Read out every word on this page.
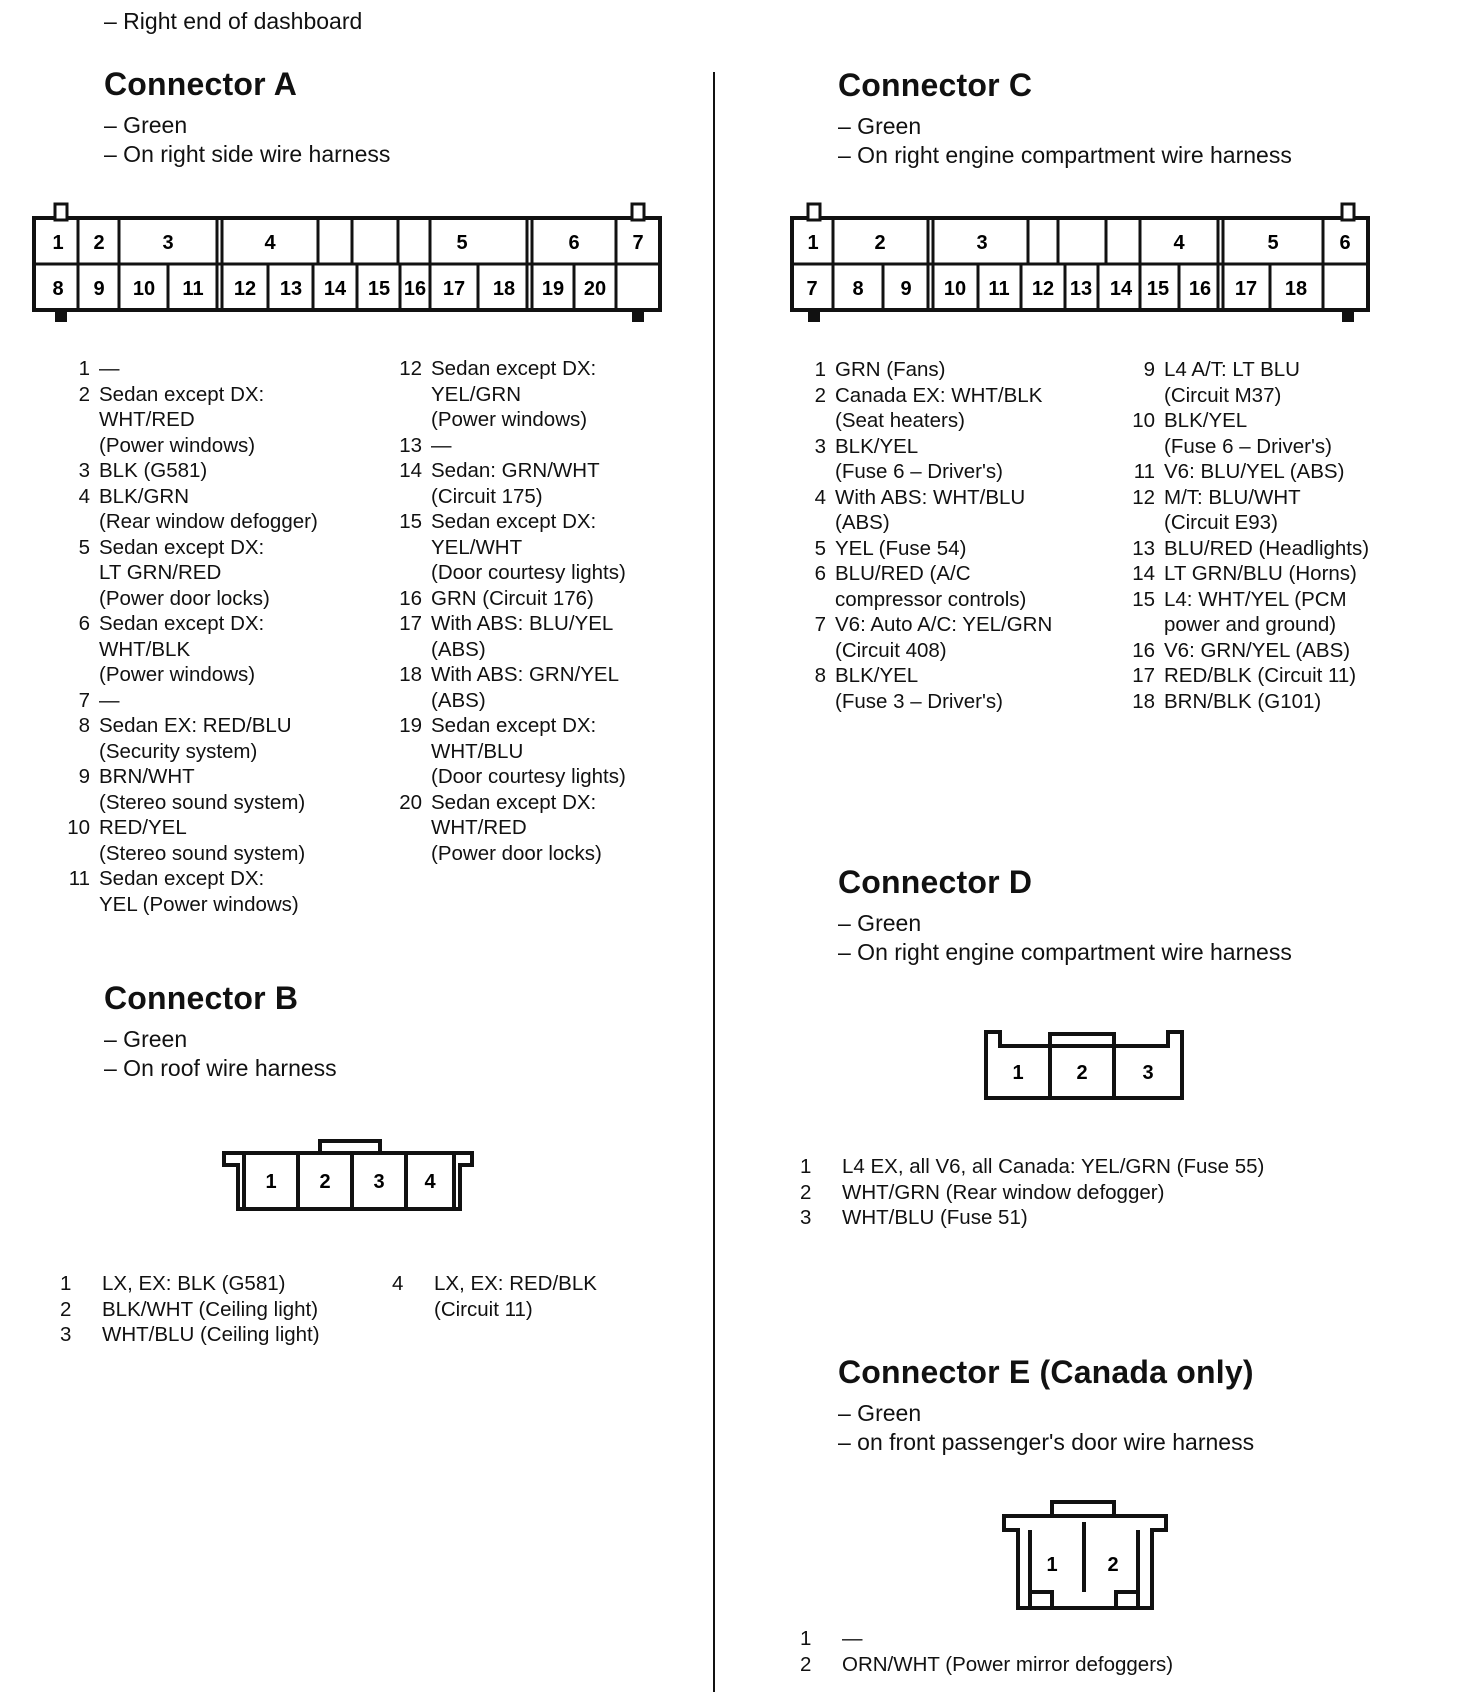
– Right end of dashboard
Connector A
– Green
– On right side wire harness
1 2	3	4	5	6	7
8 9 10 11 12 13 14 15 16 17 18 19 20
1 —
2 Sedan except DX:
WHT/RED
(Power windows)
3 BLK (G581)
4 BLK/GRN
(Rear window defogger)
5 Sedan except DX:
LT GRN/RED
(Power door locks)
6 Sedan except DX:
WHT/BLK
(Power windows)
7 —
8 Sedan EX: RED/BLU
(Security system)
9 BRN/WHT
(Stereo sound system)
10 RED/YEL
(Stereo sound system)
11 Sedan except DX:
YEL (Power windows)
12 Sedan except DX:
YEL/GRN
(Power windows)
13 —
14 Sedan: GRN/WHT
(Circuit 175)
15 Sedan except DX:
YEL/WHT
(Door courtesy lights)
16 GRN (Circuit 176)
17 With ABS: BLU/YEL
(ABS)
18 With ABS: GRN/YEL
(ABS)
19 Sedan except DX:
WHT/BLU
(Door courtesy lights)
20 Sedan except DX:
WHT/RED
(Power door locks)
Connector B
– Green
– On roof wire harness
1 2 3 4
1	LX, EX: BLK (G581)
2	BLK/WHT (Ceiling light)
3	WHT/BLU (Ceiling light)
4	LX, EX: RED/BLK
(Circuit 11)
Connector C
– Green
– On right engine compartment wire harness
1	2	3	4	5	6
7 8 9 10 11 12 13 14 15 16 17 18
1 GRN (Fans)
2 Canada EX: WHT/BLK
(Seat heaters)
3 BLK/YEL
(Fuse 6 – Driver's)
4 With ABS: WHT/BLU
(ABS)
5 YEL (Fuse 54)
6 BLU/RED (A/C
compressor controls)
7 V6: Auto A/C: YEL/GRN
(Circuit 408)
8 BLK/YEL
(Fuse 3 – Driver's)
9 L4 A/T: LT BLU
(Circuit M37)
10 BLK/YEL
(Fuse 6 – Driver's)
11 V6: BLU/YEL (ABS)
12 M/T: BLU/WHT
(Circuit E93)
13 BLU/RED (Headlights)
14 LT GRN/BLU (Horns)
15 L4: WHT/YEL (PCM
power and ground)
16 V6: GRN/YEL (ABS)
17 RED/BLK (Circuit 11)
18 BRN/BLK (G101)
Connector D
– Green
– On right engine compartment wire harness
1	2	3
1	L4 EX, all V6, all Canada: YEL/GRN (Fuse 55)
2	WHT/GRN (Rear window defogger)
3	WHT/BLU (Fuse 51)
Connector E (Canada only)
– Green
– on front passenger's door wire harness
1 2
1	—
2	ORN/WHT (Power mirror defoggers)
